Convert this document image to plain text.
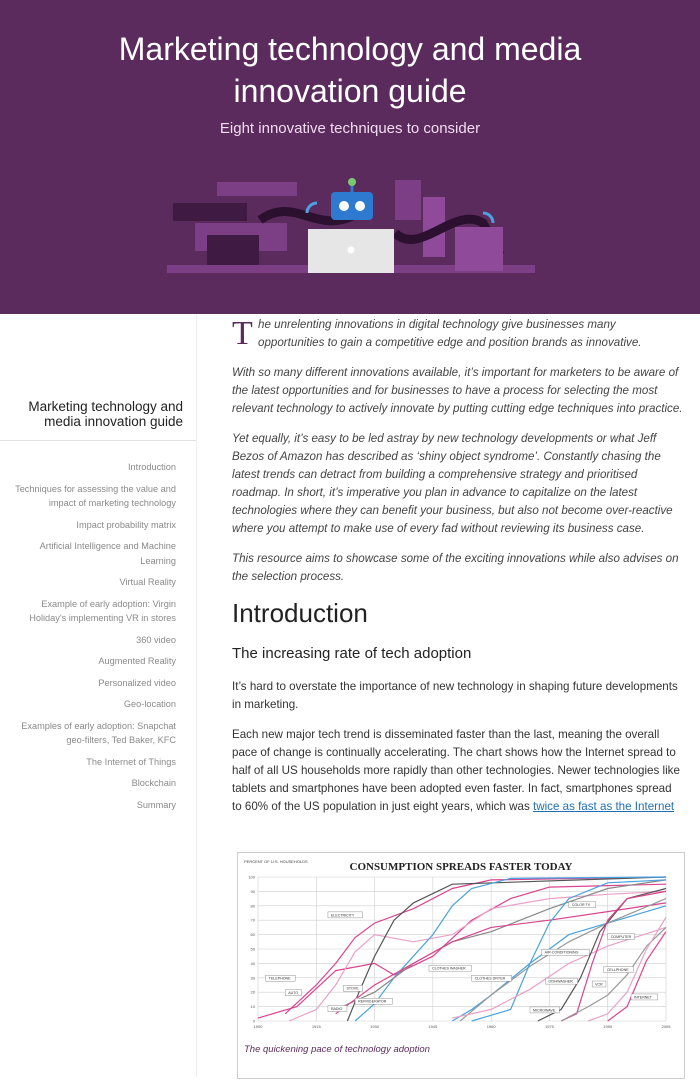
Marketing technology and media
innovation guide
Eight innovative techniques to consider
Marketing technology and media innovation guide
Introduction
Techniques for assessing the value and impact of marketing technology
Impact probability matrix
Artificial Intelligence and Machine Learning
Virtual Reality
Example of early adoption: Virgin Holiday's implementing VR in stores
360 video
Augmented Reality
Personalized video
Geo-location
Examples of early adoption: Snapchat geo-filters, Ted Baker, KFC
The Internet of Things
Blockchain
Summary
T he unrelenting innovations in digital technology give businesses many opportunities to gain a competitive edge and position brands as innovative.

With so many different innovations available, it’s important for marketers to be aware of the latest opportunities and for businesses to have a process for selecting the most relevant technology to actively innovate by putting cutting edge techniques into practice.

Yet equally, it’s easy to be led astray by new technology developments or what Jeff Bezos of Amazon has described as ‘shiny object syndrome’. Constantly chasing the latest trends can detract from building a comprehensive strategy and prioritised roadmap. In short, it’s imperative you plan in advance to capitalize on the latest technologies where they can benefit your business, but also not become over-reactive where you attempt to make use of every fad without reviewing its business case.

This resource aims to showcase some of the exciting innovations while also advises on the selection process.

Introduction
The increasing rate of tech adoption

It’s hard to overstate the importance of new technology in shaping future developments in marketing.

Each new major tech trend is disseminated faster than the last, meaning the overall pace of change is continually accelerating. The chart shows how the Internet spread to half of all US households more rapidly than other technologies. Newer technologies like tablets and smartphones have been adopted even faster. In fact, smartphones spread to 60% of the US population in just eight years, which was twice as fast as the Internet

CONSUMPTION SPREADS FASTER TODAY
PERCENT OF U.S. HOUSEHOLDS
0
10
20
30
40
50
60
70
80
90
100
1900	1915	1930	1945	1960	1975	1990	2005
TELEPHONE
AUTO
ELECTRICITY
RADIO
STOVE
REFRIGERATOR
CLOTHES WASHER
CLOTHES DRYER
AIR-CONDITIONING
COLOR TV
COMPUTER
CELLPHONE
DISHWASHER
VCR
MICROWAVE
INTERNET
The quickening pace of technology adoption
